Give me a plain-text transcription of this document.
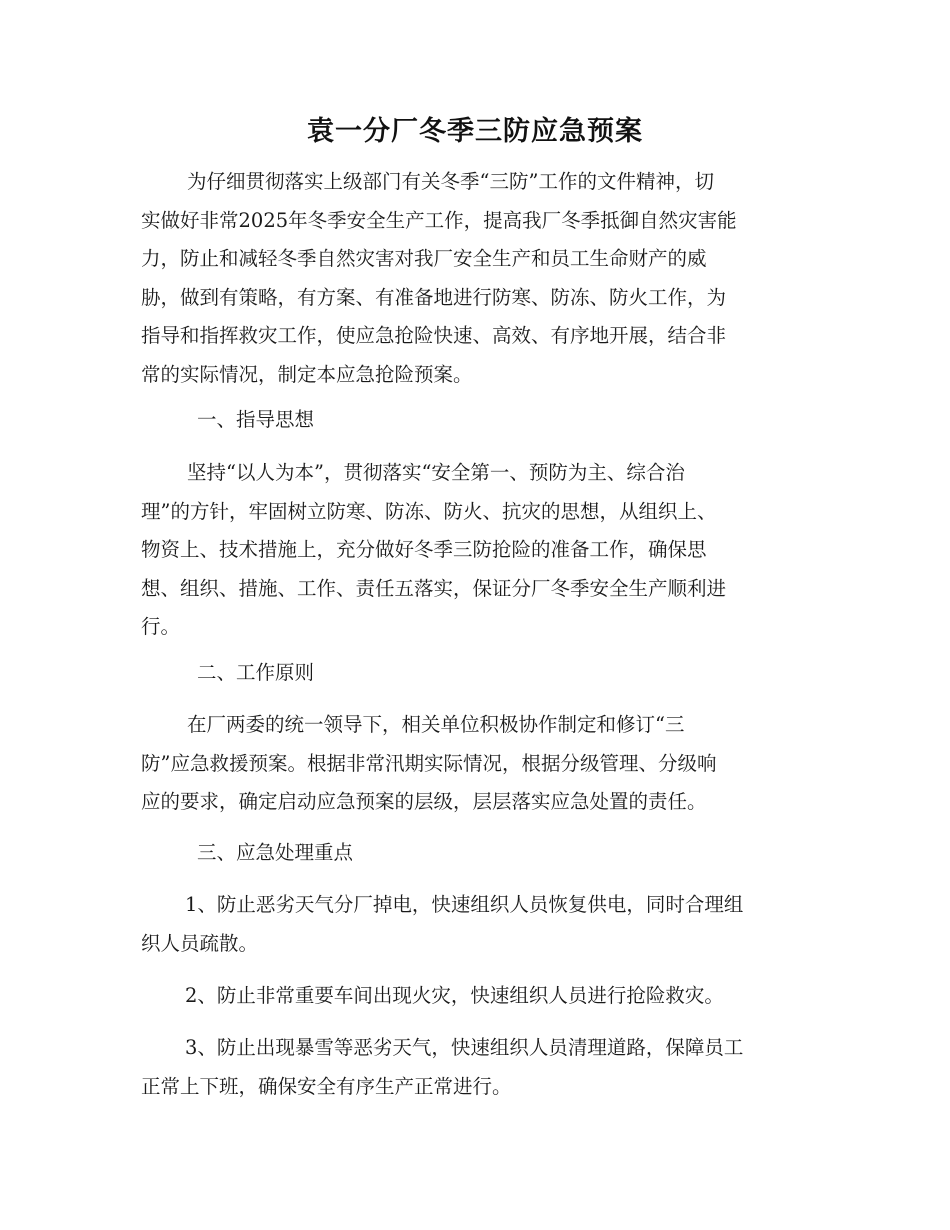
袁一分厂冬季三防应急预案
为仔细贯彻落实上级部门有关冬季“三防”工作的文件精神，切
实做好非常2025年冬季安全生产工作，提高我厂冬季抵御自然灾害能
力，防止和减轻冬季自然灾害对我厂安全生产和员工生命财产的威
胁，做到有策略，有方案、有准备地进行防寒、防冻、防火工作，为
指导和指挥救灾工作，使应急抢险快速、高效、有序地开展，结合非
常的实际情况，制定本应急抢险预案。
一、指导思想
坚持“以人为本”，贯彻落实“安全第一、预防为主、综合治
理”的方针，牢固树立防寒、防冻、防火、抗灾的思想，从组织上、
物资上、技术措施上，充分做好冬季三防抢险的准备工作，确保思
想、组织、措施、工作、责任五落实，保证分厂冬季安全生产顺利进
行。
二、工作原则
在厂两委的统一领导下，相关单位积极协作制定和修订“三
防”应急救援预案。根据非常汛期实际情况，根据分级管理、分级响
应的要求，确定启动应急预案的层级，层层落实应急处置的责任。
三、应急处理重点
1、防止恶劣天气分厂掉电，快速组织人员恢复供电，同时合理组
织人员疏散。
2、防止非常重要车间出现火灾，快速组织人员进行抢险救灾。
3、防止出现暴雪等恶劣天气，快速组织人员清理道路，保障员工
正常上下班，确保安全有序生产正常进行。
